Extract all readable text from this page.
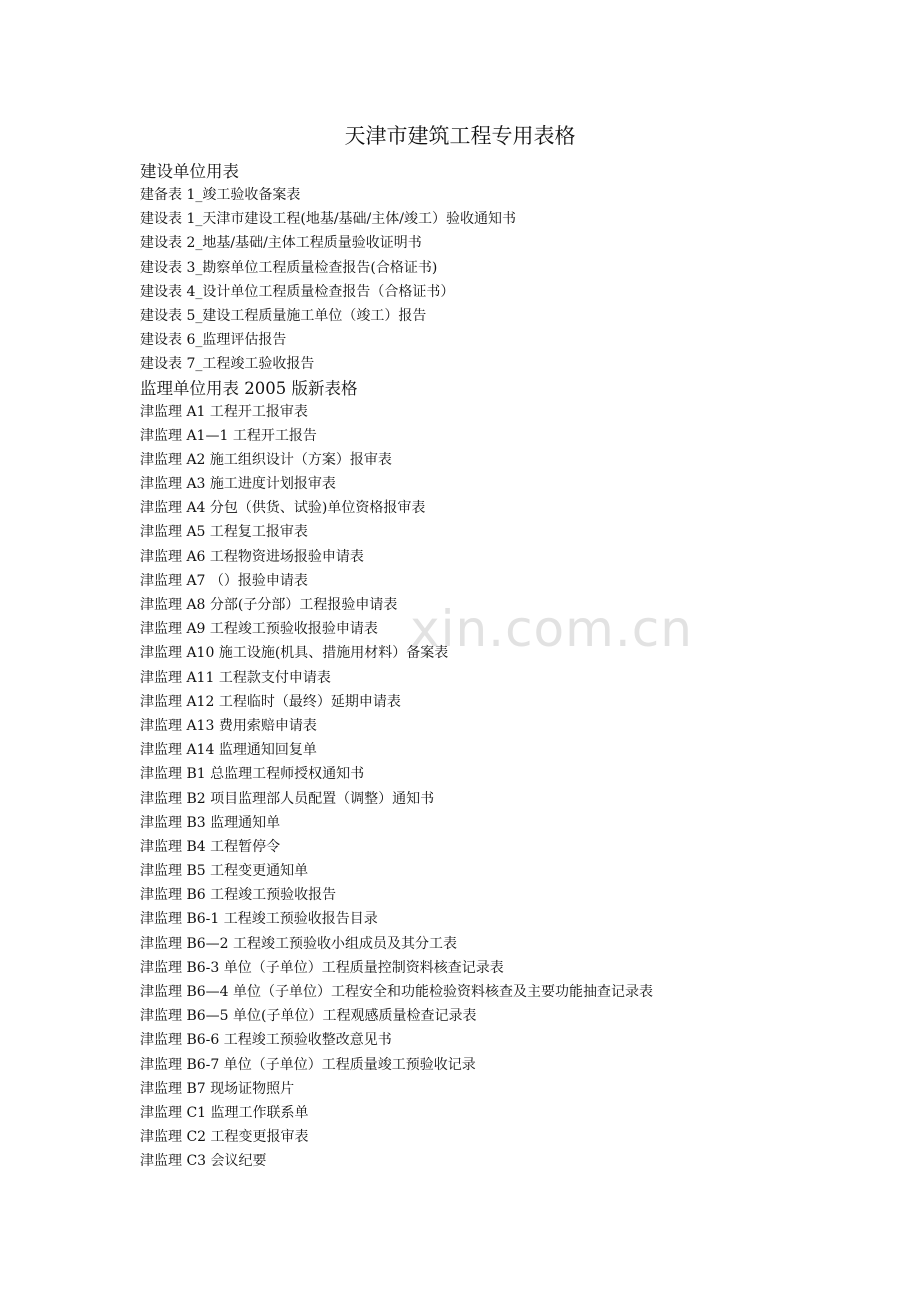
xin.com.cn
天津市建筑工程专用表格
建设单位用表
建备表 1_竣工验收备案表
建设表 1_天津市建设工程(地基/基础/主体/竣工）验收通知书
建设表 2_地基/基础/主体工程质量验收证明书
建设表 3_勘察单位工程质量检查报告(合格证书)
建设表 4_设计单位工程质量检查报告（合格证书）
建设表 5_建设工程质量施工单位（竣工）报告
建设表 6_监理评估报告
建设表 7_工程竣工验收报告
监理单位用表 2005 版新表格
津监理 A1 工程开工报审表
津监理 A1—1 工程开工报告
津监理 A2 施工组织设计（方案）报审表
津监理 A3 施工进度计划报审表
津监理 A4 分包（供货、试验)单位资格报审表
津监理 A5 工程复工报审表
津监理 A6 工程物资进场报验申请表
津监理 A7 （）报验申请表
津监理 A8 分部(子分部）工程报验申请表
津监理 A9 工程竣工预验收报验申请表
津监理 A10 施工设施(机具、措施用材料）备案表
津监理 A11 工程款支付申请表
津监理 A12 工程临时（最终）延期申请表
津监理 A13 费用索赔申请表
津监理 A14 监理通知回复单
津监理 B1 总监理工程师授权通知书
津监理 B2 项目监理部人员配置（调整）通知书
津监理 B3 监理通知单
津监理 B4 工程暂停令
津监理 B5 工程变更通知单
津监理 B6 工程竣工预验收报告
津监理 B6-1 工程竣工预验收报告目录
津监理 B6—2 工程竣工预验收小组成员及其分工表
津监理 B6-3 单位（子单位）工程质量控制资料核查记录表
津监理 B6—4 单位（子单位）工程安全和功能检验资料核查及主要功能抽查记录表
津监理 B6—5 单位(子单位）工程观感质量检查记录表
津监理 B6-6 工程竣工预验收整改意见书
津监理 B6-7 单位（子单位）工程质量竣工预验收记录
津监理 B7 现场证物照片
津监理 C1 监理工作联系单
津监理 C2 工程变更报审表
津监理 C3 会议纪要
